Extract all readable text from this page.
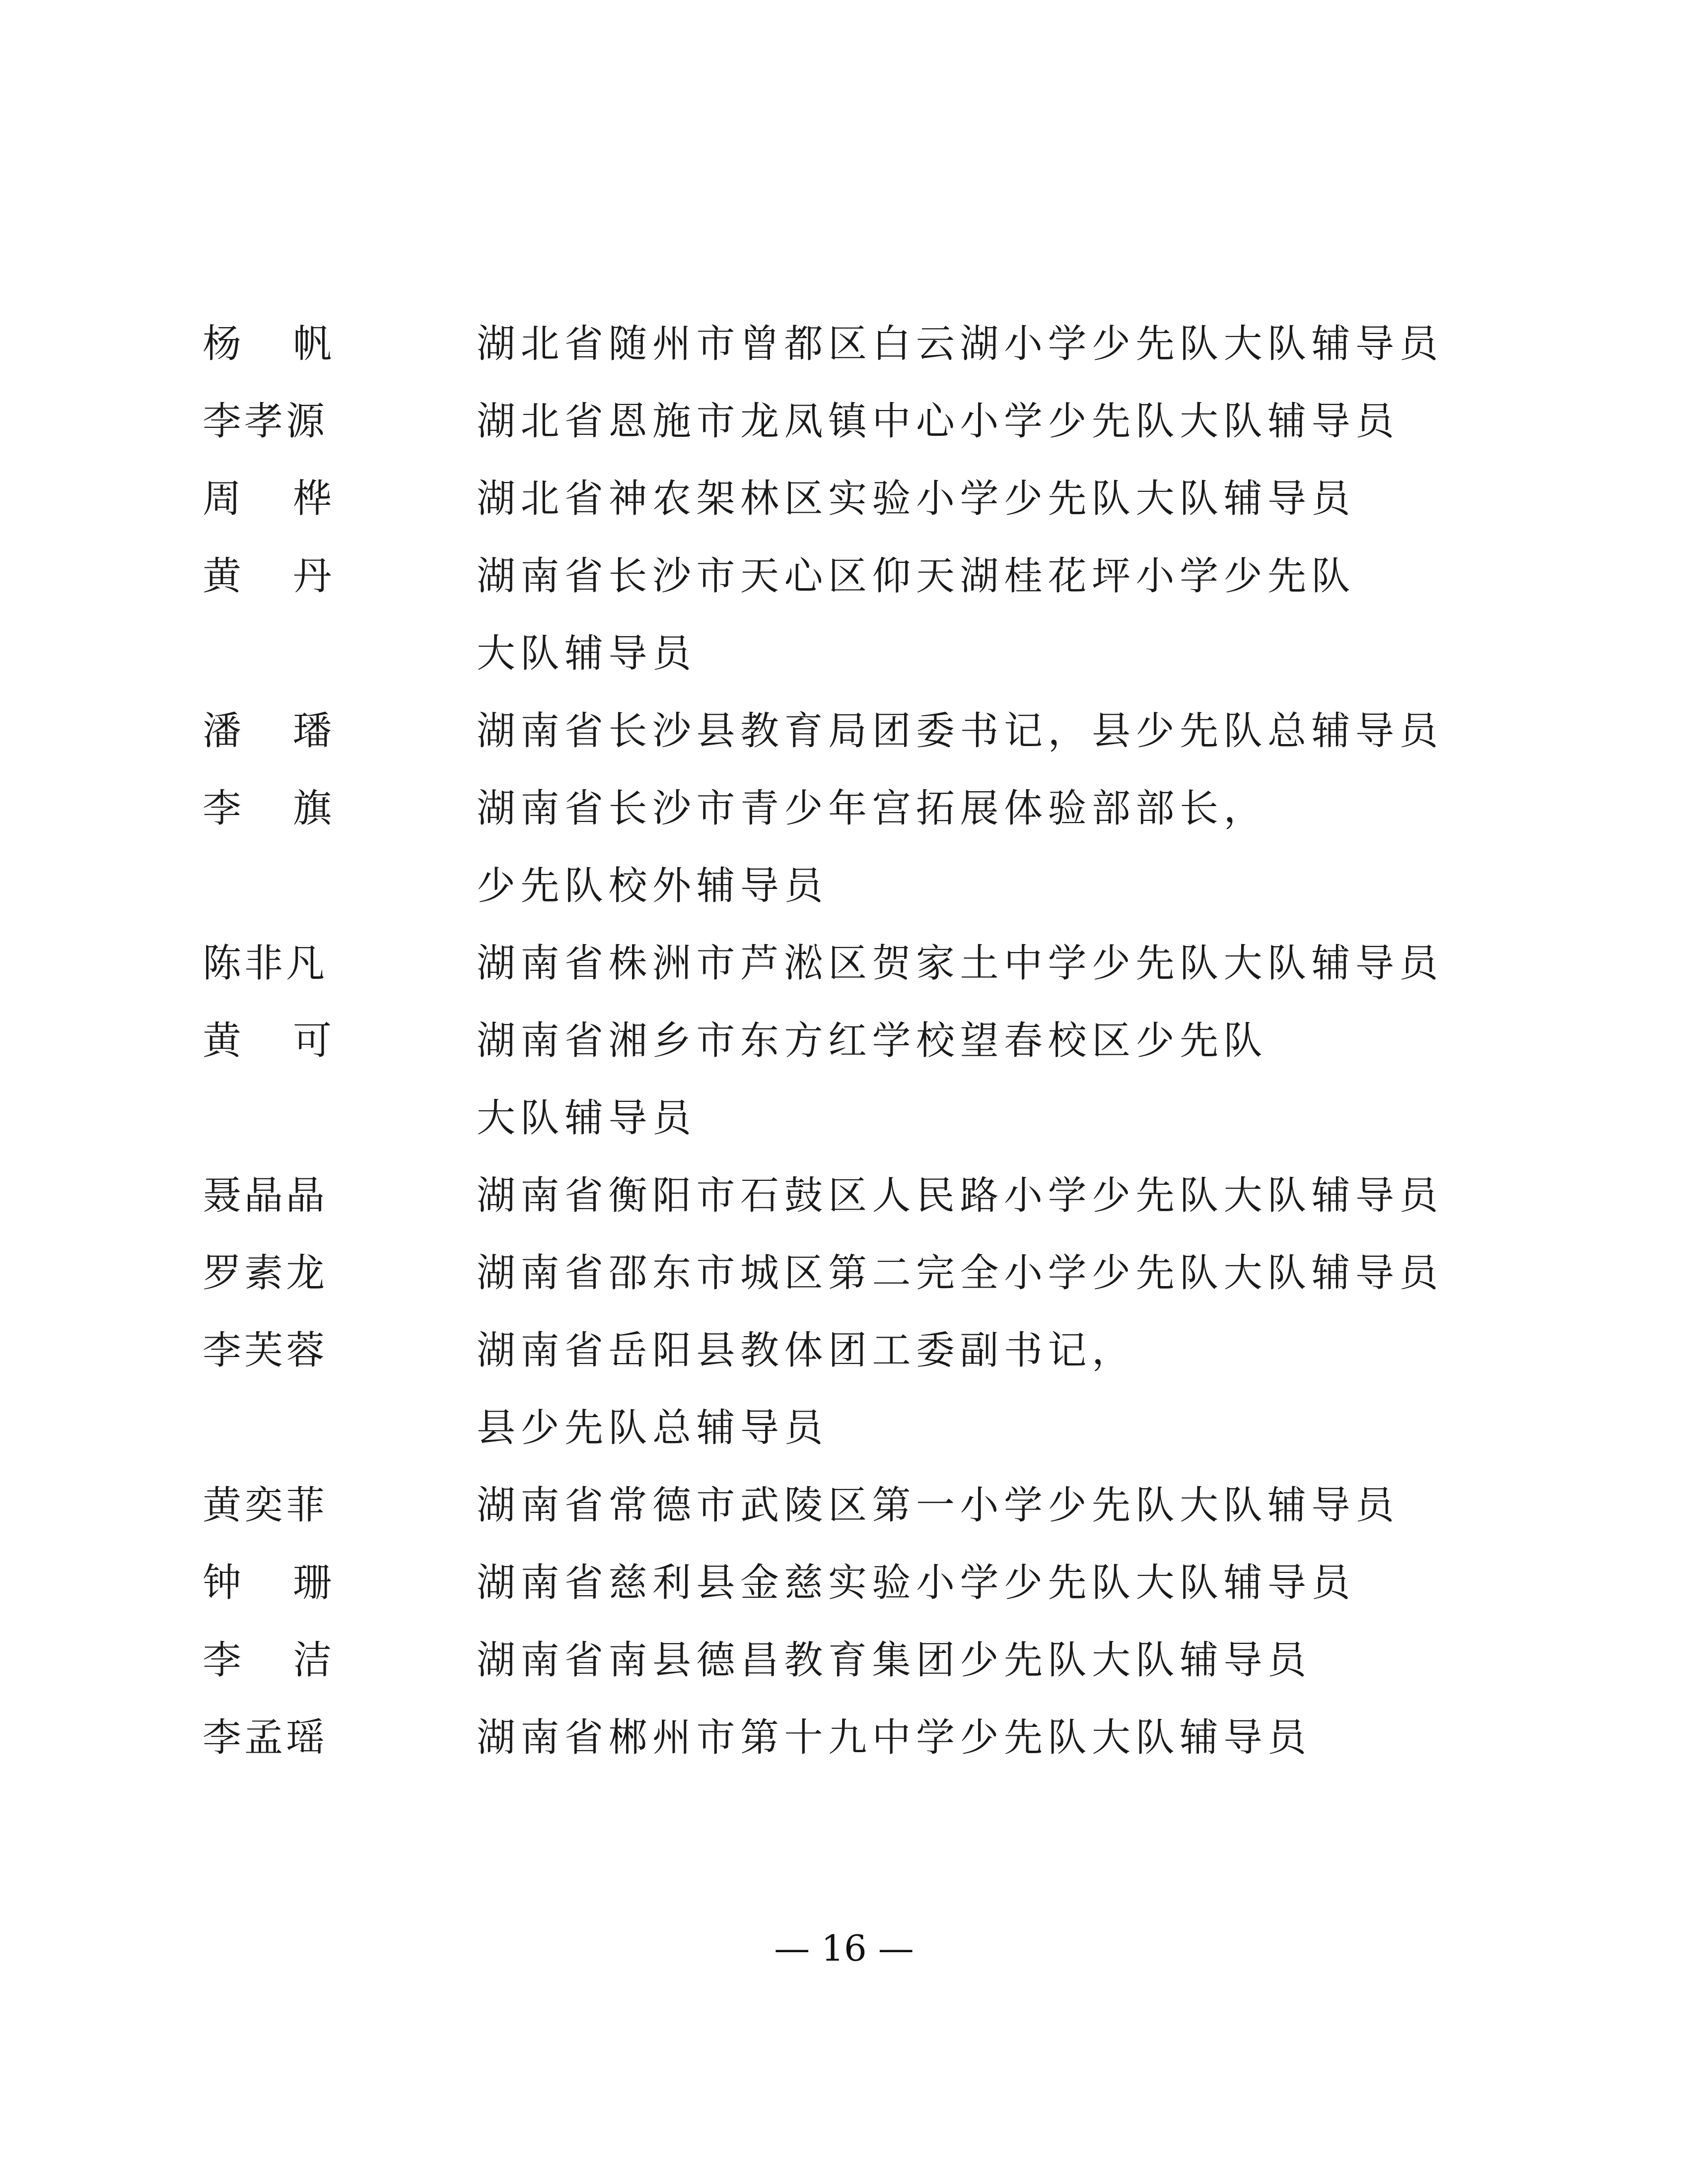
杨 帆	湖北省随州市曾都区白云湖小学少先队大队辅导员
李孝源	湖北省恩施市龙凤镇中心小学少先队大队辅导员
周 桦	湖北省神农架林区实验小学少先队大队辅导员
黄 丹	湖南省长沙市天心区仰天湖桂花坪小学少先队
大队辅导员
潘 璠	湖南省长沙县教育局团委书记，县少先队总辅导员
李 旗	湖南省长沙市青少年宫拓展体验部部长，
少先队校外辅导员
陈非凡	湖南省株洲市芦淞区贺家土中学少先队大队辅导员
黄 可	湖南省湘乡市东方红学校望春校区少先队
大队辅导员
聂晶晶	湖南省衡阳市石鼓区人民路小学少先队大队辅导员
罗素龙	湖南省邵东市城区第二完全小学少先队大队辅导员
李芙蓉	湖南省岳阳县教体团工委副书记，
县少先队总辅导员
黄奕菲	湖南省常德市武陵区第一小学少先队大队辅导员
钟 珊	湖南省慈利县金慈实验小学少先队大队辅导员
李 洁	湖南省南县德昌教育集团少先队大队辅导员
李孟瑶	湖南省郴州市第十九中学少先队大队辅导员
— 16 —
